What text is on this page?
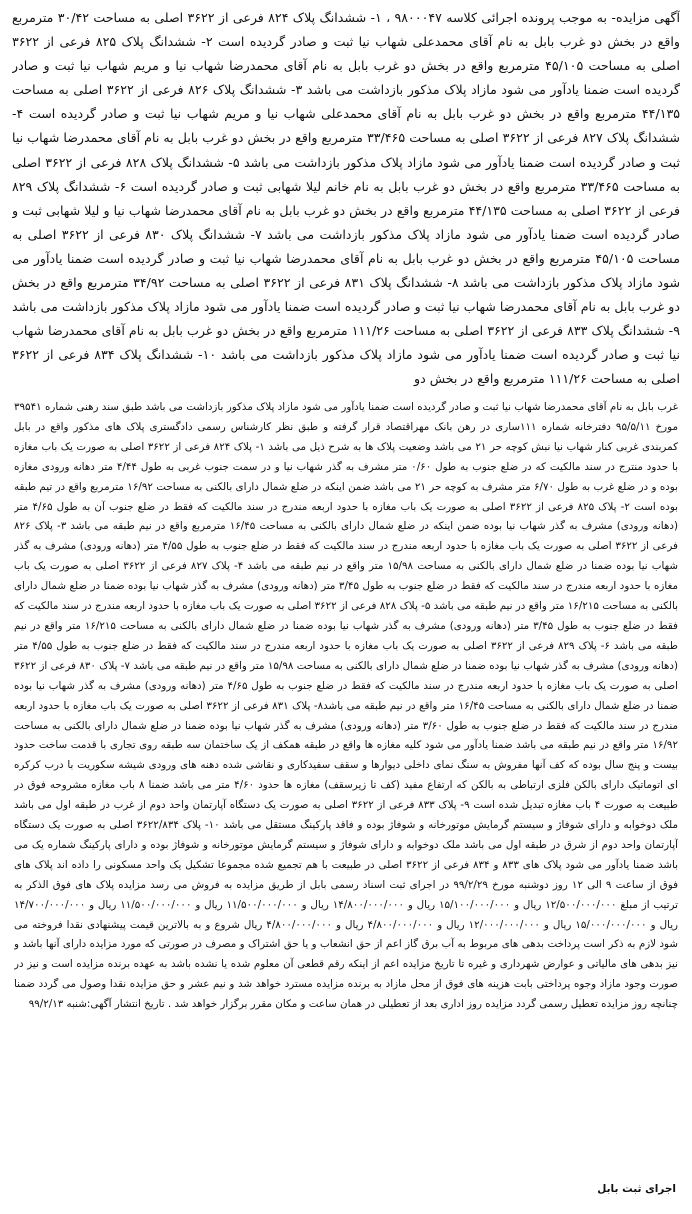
آگهی مزایده- به موجب پرونده اجرائی کلاسه ۹۸۰۰۰۴۷ ، ۱- ششدانگ پلاک ۸۲۴ فرعی از ۳۶۲۲ اصلی به مساحت ۳۰/۴۲ مترمربع واقع در بخش دو غرب بابل به نام آقای محمدعلی شهاب نیا ثبت و صادر گردیده است ۲- ششدانگ پلاک ۸۲۵ فرعی از ۳۶۲۲ اصلی به مساحت ۴۵/۱۰۵ مترمربع واقع در بخش دو غرب بابل به نام آقای محمدرضا شهاب نیا و مریم شهاب نیا ثبت و صادر گردیده است ضمنا یادآور می شود مازاد پلاک مذکور بازداشت می باشد ۳- ششدانگ پلاک ۸۲۶ فرعی از ۳۶۲۲ اصلی به مساحت ۴۴/۱۳۵ مترمربع واقع در بخش دو غرب بابل به نام آقای محمدعلی شهاب نیا و مریم شهاب نیا ثبت و صادر گردیده است ۴- ششدانگ پلاک ۸۲۷ فرعی از ۳۶۲۲ اصلی به مساحت ۳۳/۴۶۵ مترمربع واقع در بخش دو غرب بابل به نام آقای محمدرضا شهاب نیا ثبت و صادر گردیده است ضمنا یادآور می شود مازاد پلاک مذکور بازداشت می باشد ۵- ششدانگ پلاک ۸۲۸ فرعی از ۳۶۲۲ اصلی به مساحت ۳۳/۴۶۵ مترمربع واقع در بخش دو غرب بابل به نام خانم لیلا شهابی ثبت و صادر گردیده است ۶- ششدانگ پلاک ۸۲۹ فرعی از ۳۶۲۲ اصلی به مساحت ۴۴/۱۳۵ مترمربع واقع در بخش دو غرب بابل به نام آقای محمدرضا شهاب نیا و لیلا شهابی ثبت و صادر گردیده است ضمنا یادآور می شود مازاد پلاک مذکور بازداشت می باشد ۷- ششدانگ پلاک ۸۳۰ فرعی از ۳۶۲۲ اصلی به مساحت ۴۵/۱۰۵ مترمربع واقع در بخش دو غرب بابل به نام آقای محمدرضا شهاب نیا ثبت و صادر گردیده است ضمنا یادآور می شود مازاد پلاک مذکور بازداشت می باشد ۸- ششدانگ پلاک ۸۳۱ فرعی از ۳۶۲۲ اصلی به مساحت ۳۴/۹۲ مترمربع واقع در بخش دو غرب بابل به نام آقای محمدرضا شهاب نیا ثبت و صادر گردیده است ضمنا یادآور می شود مازاد پلاک مذکور بازداشت می باشد ۹- ششدانگ پلاک ۸۳۳ فرعی از ۳۶۲۲ اصلی به مساحت ۱۱۱/۲۶ مترمربع واقع در بخش دو غرب بابل به نام آقای محمدرضا شهاب نیا ثبت و صادر گردیده است ضمنا یادآور می شود مازاد پلاک مذکور بازداشت می باشد ۱۰- ششدانگ پلاک ۸۳۴ فرعی از ۳۶۲۲ اصلی به مساحت ۱۱۱/۲۶ مترمربع واقع در بخش دو

غرب بابل به نام آقای محمدرضا شهاب نیا ثبت و صادر گردیده است ضمنا یادآور می شود مازاد پلاک مذکور بازداشت می باشد طبق سند رهنی شماره ۳۹۵۴۱ مورخ ۹۵/۵/۱۱ دفترخانه شماره ۱۱۱ساری در رهن بانک مهراقتصاد قرار گرفته و طبق نظر کارشناس رسمی دادگستری پلاک های مذکور واقع در بابل کمربندی غربی کنار شهاب نیا نبش کوچه حر ۲۱ می باشد وضعیت پلاک ها به شرح ذیل می باشد ۱- پلاک ۸۲۴ فرعی از ۳۶۲۲ اصلی به صورت یک باب مغازه با حدود منترج در سند مالکیت که در ضلع جنوب به طول ۰/۶۰ متر مشرف به گذر شهاب نیا و در سمت جنوب غربی به طول ۴/۴۴ متر دهانه ورودی مغازه بوده و در ضلع غرب به طول ۶/۷۰ متر مشرف به کوچه حر ۲۱ می باشد ضمن اینکه در ضلع شمال دارای بالکنی به مساحت ۱۶/۹۲ مترمربع واقع در تیم طبقه بوده است ۲- پلاک ۸۲۵ فرعی از ۳۶۲۲ اصلی به صورت یک باب مغازه با حدود اربعه مندرج در سند مالکیت که فقط در ضلع جنوب آن به طول ۴/۶۵ متر (دهانه ورودی) مشرف به گذر شهاب نیا بوده ضمن اینکه در ضلع شمال دارای بالکنی به مساحت ۱۶/۴۵ مترمربع واقع در نیم طبقه می باشد ۳- پلاک ۸۲۶ فرعی از ۳۶۲۲ اصلی به صورت یک باب مغازه با حدود اربعه مندرج در سند مالکیت که فقط در ضلع جنوب به طول ۴/۵۵ متر (دهانه ورودی) مشرف به گذر شهاب نیا بوده ضمنا در ضلع شمال دارای بالکنی به مساحت ۱۵/۹۸ متر واقع در نیم طبقه می باشد ۴- پلاک ۸۲۷ فرعی از ۳۶۲۲ اصلی به صورت یک باب مغازه با حدود اربعه مندرج در سند مالکیت که فقط در ضلع جنوب به طول ۳/۴۵ متر (دهانه ورودی) مشرف به گذر شهاب نیا بوده ضمنا در ضلع شمال دارای بالکنی به مساحت ۱۶/۲۱۵ متر واقع در نیم طبقه می باشد ۵- پلاک ۸۲۸ فرعی از ۳۶۲۲ اصلی به صورت یک باب مغازه با حدود اربعه مندرج در سند مالکیت که فقط در ضلع جنوب به طول ۳/۴۵ متر (دهانه ورودی) مشرف به گذر شهاب نیا بوده ضمنا در ضلع شمال دارای بالکنی به مساحت ۱۶/۲۱۵ متر واقع در نیم طبقه می باشد ۶- پلاک ۸۲۹ فرعی از ۳۶۲۲ اصلی به صورت یک باب مغازه با حدود اربعه مندرج در سند مالکیت که فقط در ضلع جنوب به طول ۴/۵۵ متر (دهانه ورودی) مشرف به گذر شهاب نیا بوده ضمنا در ضلع شمال دارای بالکنی به مساحت ۱۵/۹۸ متر واقع در نیم طبقه می باشد ۷- پلاک ۸۳۰ فرعی از ۳۶۲۲ اصلی به صورت یک باب مغازه با حدود اربعه مندرج در سند مالکیت که فقط در ضلع جنوب به طول ۴/۶۵ متر (دهانه ورودی) مشرف به گذر شهاب نیا بوده ضمنا در ضلع شمال دارای بالکنی به مساحت ۱۶/۴۵ متر واقع در نیم طبقه می باشد۸- پلاک ۸۳۱ فرعی از ۳۶۲۲ اصلی به صورت یک باب مغازه با حدود اربعه مندرج در سند مالکیت که فقط در ضلع جنوب به طول ۳/۶۰ متر (دهانه ورودی) مشرف به گذر شهاب نیا بوده ضمنا در ضلع شمال دارای بالکنی به مساحت ۱۶/۹۲ متر واقع در نیم طبقه می باشد ضمنا یادآور می شود کلیه مغازه ها واقع در طبقه همکف از یک ساختمان سه طبقه روی تجاری با قدمت ساخت حدود بیست و پنج سال بوده که کف آنها مفروش به سنگ نمای داخلی دیوارها و سقف سفیدکاری و نقاشی شده دهنه های ورودی شیشه سکوریت با درب کرکره ای اتوماتیک دارای بالکن فلزی ارتباطی به بالکن که ارتفاع مفید (کف تا زیرسقف) مغازه ها حدود ۴/۶۰ متر می باشد ضمنا ۸ باب مغازه مشروحه فوق در طبیعت به صورت ۴ باب مغازه تبدیل شده است ۹- پلاک ۸۳۳ فرعی از ۳۶۲۲ اصلی به صورت یک دستگاه آپارتمان واحد دوم از غرب در طبقه اول می باشد ملک دوخوابه و دارای شوفاژ و سیستم گرمایش موتورخانه و شوفاژ بوده و فاقد پارکینگ مستقل می باشد ۱۰- پلاک ۳۶۲۲/۸۳۴ اصلی به صورت یک دستگاه آپارتمان واحد دوم از شرق در طبقه اول می باشد ملک دوخوابه و دارای شوفاژ و سیستم گرمایش موتورخانه و شوفاژ بوده و دارای پارکینگ شماره یک می باشد ضمنا یادآور می شود پلاک های ۸۳۳ و ۸۳۴ فرعی از ۳۶۲۲ اصلی در طبیعت با هم تجمیع شده مجموعا تشکیل یک واحد مسکونی را داده اند پلاک های فوق از ساعت ۹ الی ۱۲ روز دوشنبه مورخ ۹۹/۲/۲۹ در اجرای ثبت اسناد رسمی بابل از طریق مزایده به فروش می رسد مزایده پلاک های فوق الذکر به ترتیب از مبلغ ۱۲/۵۰۰/۰۰۰/۰۰۰ ریال و ۱۵/۱۰۰/۰۰۰/۰۰۰ ریال و ۱۴/۸۰۰/۰۰۰/۰۰۰ ریال و ۱۱/۵۰۰/۰۰۰/۰۰۰ ریال و ۱۱/۵۰۰/۰۰۰/۰۰۰ ریال و ۱۴/۷۰۰/۰۰۰/۰۰۰ ریال و ۱۵/۰۰۰/۰۰۰/۰۰۰ ریال و ۱۲/۰۰۰/۰۰۰/۰۰۰ ریال و ۴/۸۰۰/۰۰۰/۰۰۰ ریال و ۴/۸۰۰/۰۰۰/۰۰۰ ریال شروع و به بالاترین قیمت پیشنهادی نقدا فروخته می شود لازم به ذکر است پرداخت بدهی های مربوط به آب برق گاز اعم از حق انشعاب و یا حق اشتراک و مصرف در صورتی که مورد مزایده دارای آنها باشد و نیز بدهی های مالیاتی و عوارض شهرداری و غیره تا تاریخ مزایده اعم از اینکه رقم قطعی آن معلوم شده یا نشده باشد به عهده برنده مزایده است و نیز در صورت وجود مازاد وجوه پرداختی بابت هزینه های فوق از محل مازاد به برنده مزایده مسترد خواهد شد و نیم عشر و حق مزایده نقدا وصول می گردد ضمنا چنانچه روز مزایده تعطیل رسمی گردد مزایده روز اداری بعد از تعطیلی در همان ساعت و مکان مقرر برگزار خواهد شد . تاریخ انتشار آگهی:شنبه ۹۹/۲/۱۳

اجرای ثبت بابل
